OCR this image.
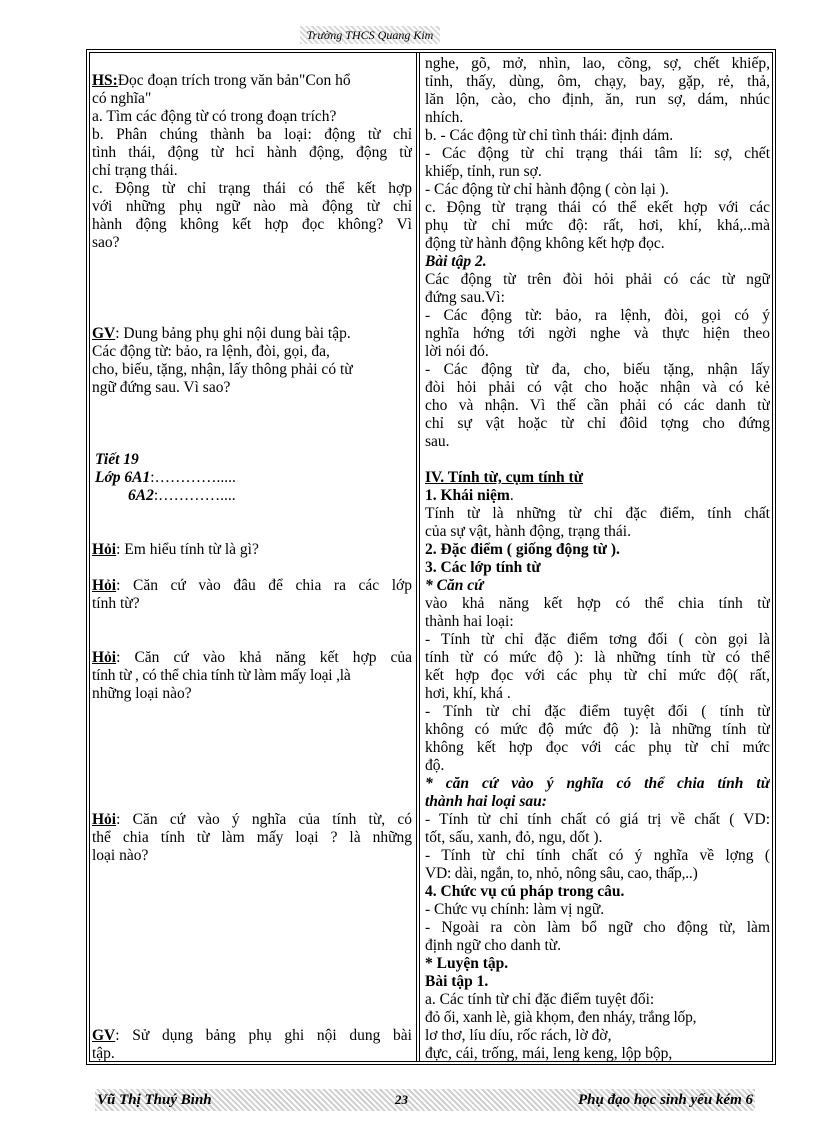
Trường THCS Quang Kim
HS:Đọc đoạn trích trong văn bản"Con hổ
có nghĩa"
a. Tìm các động từ có trong đoạn trích?
b. Phân chúng thành ba loại: động từ chỉ
tình thái, động từ hcỉ hành động, động từ
chỉ trạng thái.
c. Động từ chỉ trạng thái có thể kết hợp
với những phụ ngữ nào mà động từ chỉ
hành động không kết hợp đọc không? Vì
sao?
GV: Dung bảng phụ ghi nội dung bài tập.
Các động từ: bảo, ra lệnh, đòi, gọi, đa,
cho, biếu, tặng, nhận, lấy thông phải có từ
ngữ đứng sau. Vì sao?
Tiết 19
Lớp 6A1:………….....
6A2:…………....
Hỏi: Em hiểu tính từ là gì?
Hỏi: Căn cứ vào đâu để chia ra các lớp
tính từ?
Hỏi: Căn cứ vào khả năng kết hợp của
tính từ , có thể chia tính từ làm mấy loại ,là
những loại nào?
Hỏi: Căn cứ vào ý nghĩa của tính từ, có
thể chia tính từ làm mấy loại ? là những
loại nào?
GV: Sử dụng bảng phụ ghi nội dung bài
tập.
nghe, gõ, mở, nhìn, lao, cõng, sợ, chết khiếp,
tỉnh, thấy, dùng, ôm, chạy, bay, gặp, rẻ, thả,
lăn lộn, cào, cho định, ăn, run sợ, dám, nhúc
nhích.
b. - Các động từ chỉ tình thái: định dám.
- Các động từ chỉ trạng thái tâm lí: sợ, chết
khiếp, tỉnh, run sợ.
- Các động từ chỉ hành động ( còn lại ).
c. Động từ trạng thái có thể ekết hợp với các
phụ từ chỉ mức độ: rất, hơi, khí, khá,..mà
động từ hành động không kết hợp đọc.
Bài tập 2.
Các động từ trên đòi hỏi phải có các từ ngữ
đứng sau.Vì:
- Các động từ: bảo, ra lệnh, đòi, gọi có ý
nghĩa hớng tới ngời nghe và thực hiện theo
lời nói đó.
- Các động từ đa, cho, biếu tặng, nhận lấy
đòi hỏi phải có vật cho hoặc nhận và có kẻ
cho và nhận. Vì thế cần phải có các danh từ
chỉ sự vật hoặc từ chỉ đôid tợng cho đứng
sau.
IV. Tính từ, cụm tính từ
1. Khái niệm.
Tính từ là những từ chỉ đặc điểm, tính chất
của sự vật, hành động, trạng thái.
2. Đặc điểm ( giống động từ ).
3. Các lớp tính từ
* Căn cứ
vào khả năng kết hợp có thể chia tính từ
thành hai loại:
- Tính từ chỉ đặc điểm tơng đối ( còn gọi là
tính từ có mức độ ): là những tính từ có thể
kết hợp đọc với các phụ từ chỉ mức độ( rất,
hơi, khí, khá .
- Tính từ chỉ đặc điểm tuyệt đối ( tính từ
không có mức độ mức độ ): là những tính từ
không kết hợp đọc với các phụ từ chỉ mức
độ.
* căn cứ vào ý nghĩa có thể chia tính từ
thành hai loại sau:
- Tính từ chỉ tính chất có giá trị về chất ( VD:
tốt, sấu, xanh, đỏ, ngu, dốt ).
- Tính từ chỉ tính chất có ý nghĩa về lợng (
VD: dài, ngắn, to, nhỏ, nông sâu, cao, thấp,..)
4. Chức vụ cú pháp trong câu.
- Chức vụ chính: làm vị ngữ.
- Ngoài ra còn làm bổ ngữ cho động từ, làm
định ngữ cho danh từ.
* Luyện tập.
Bài tập 1.
a. Các tính từ chỉ đặc điểm tuyệt đối:
đỏ ối, xanh lè, già khọm, đen nháy, trắng lốp,
lơ thơ, líu díu, rốc rách, lờ đờ,
đực, cái, trống, mái, leng keng, lộp bộp,
Vũ Thị Thuý Bình	23	Phụ đạo học sinh yếu kém 6
